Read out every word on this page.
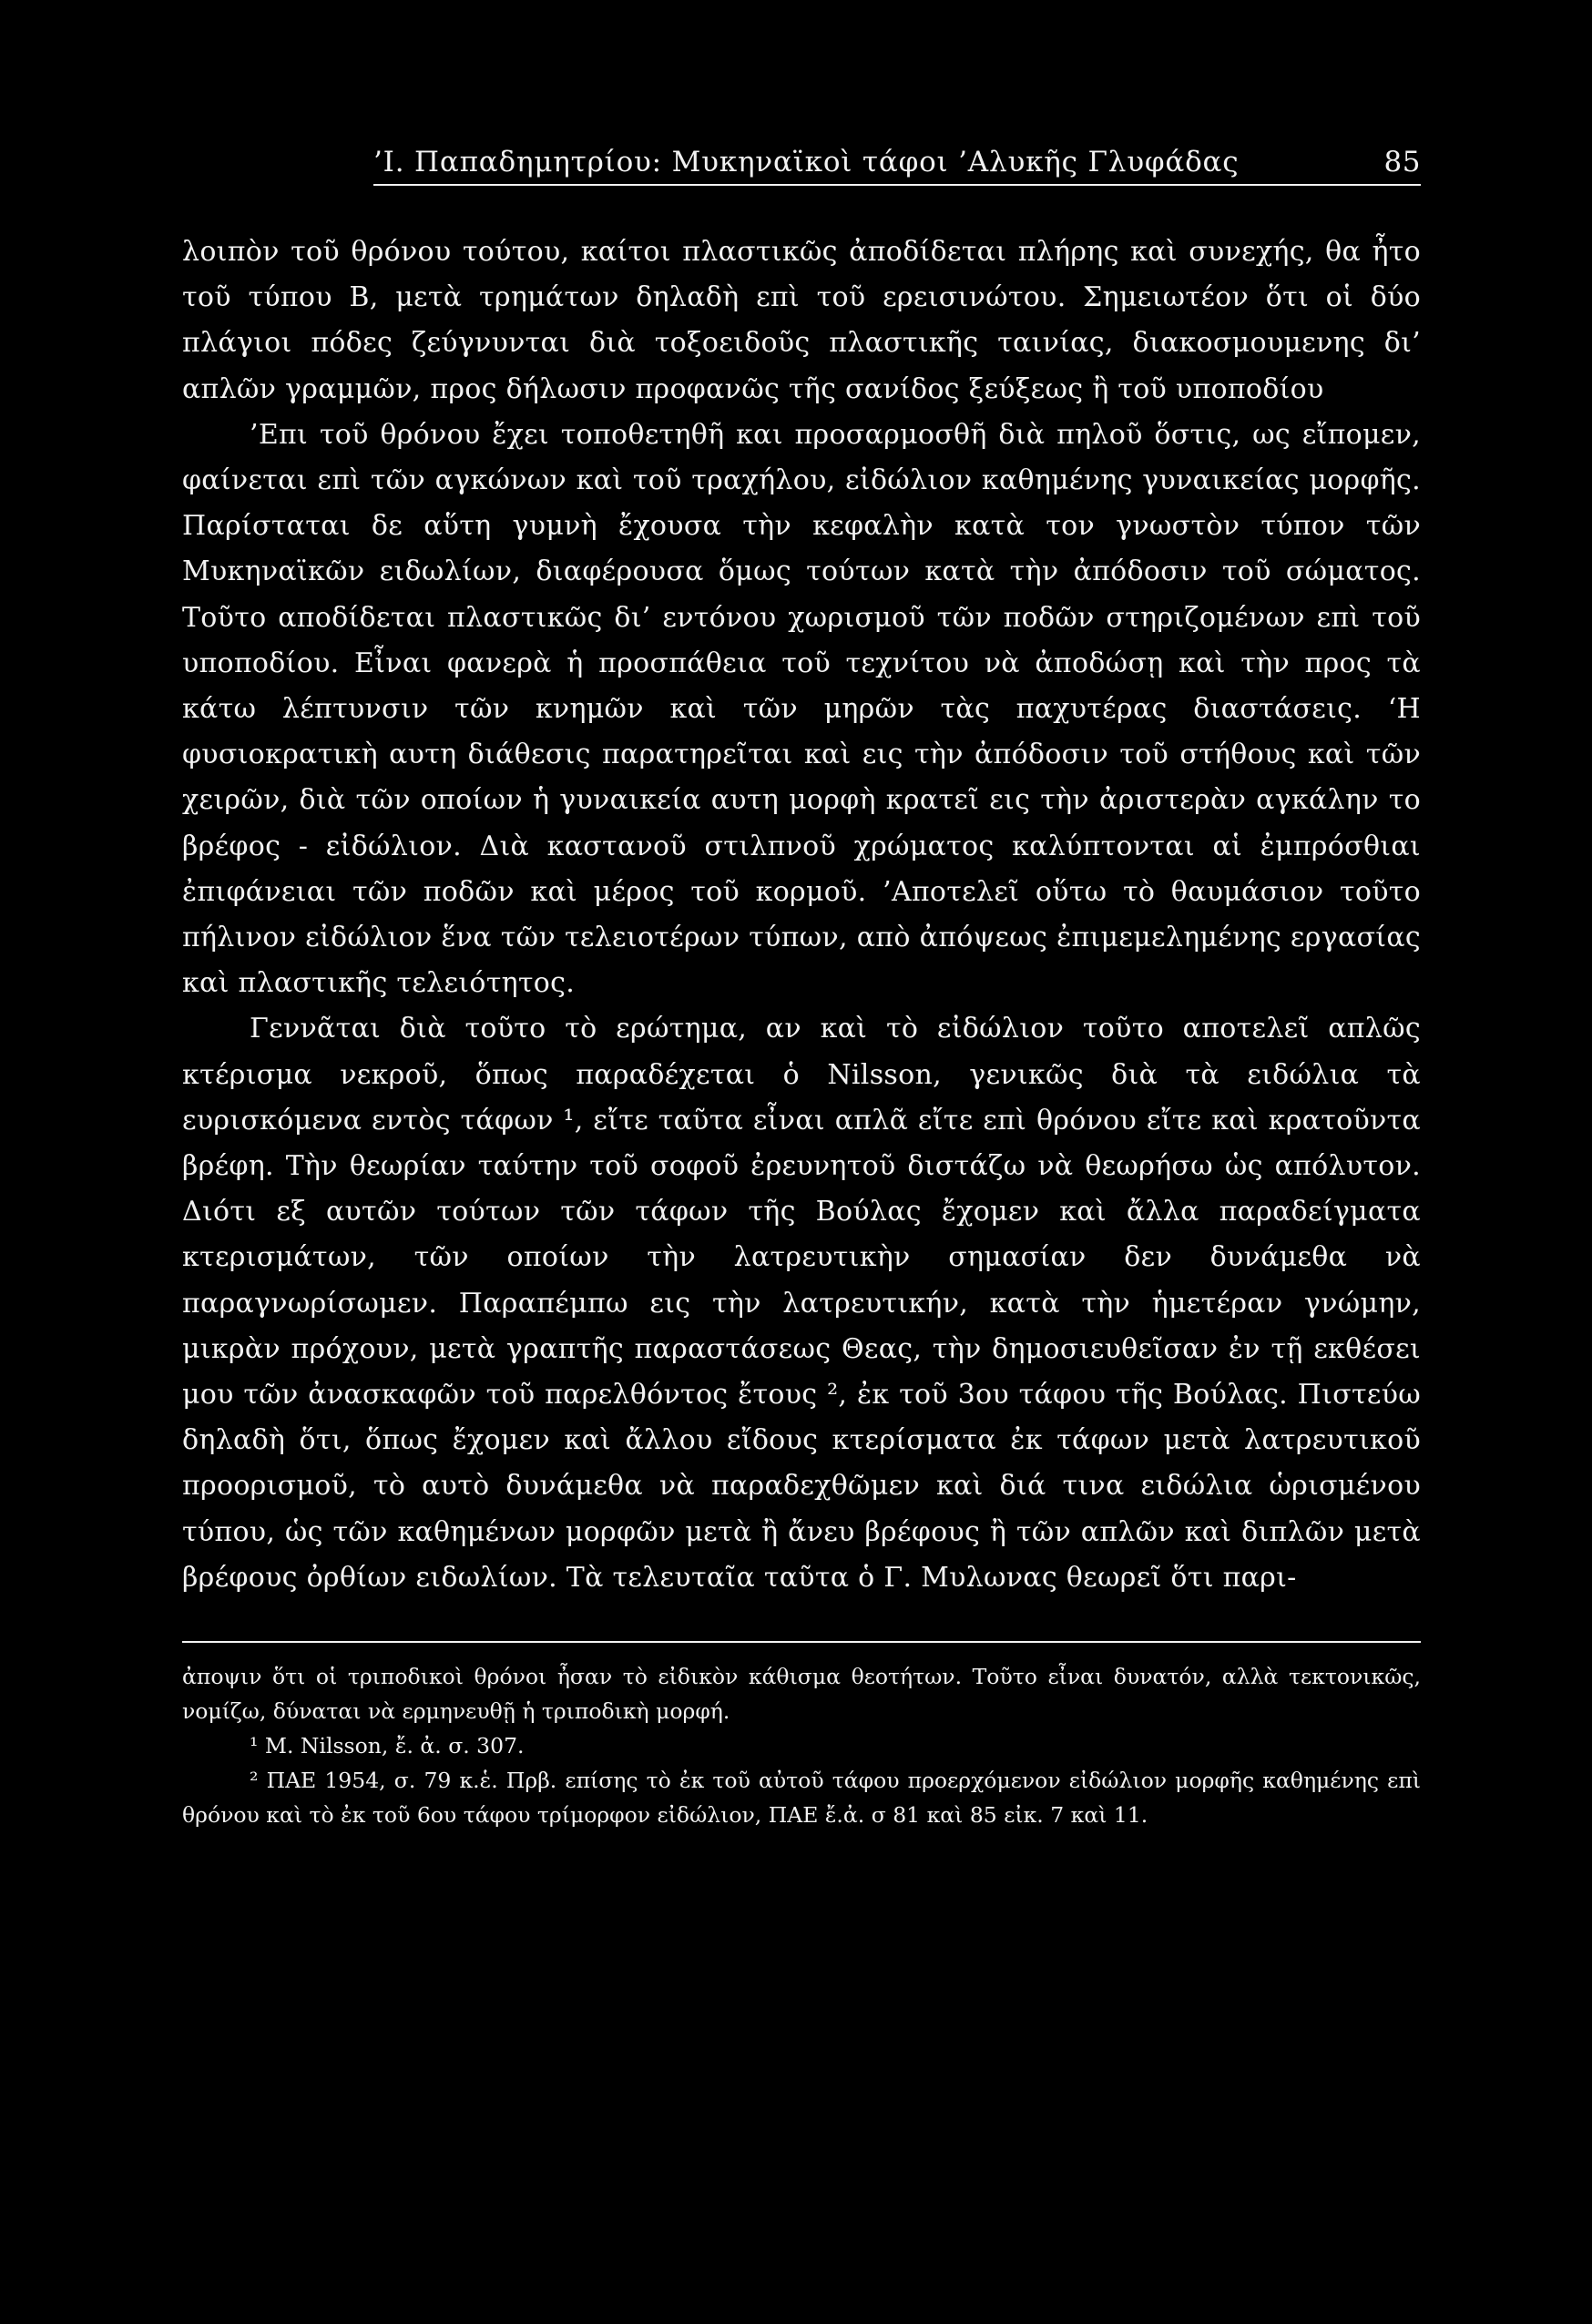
’Ι. Παπαδημητρίου: Μυκηναϊκοὶ τάφοι ’Αλυκῆς Γλυφάδας	85

λοιπὸν τοῦ θρόνου τούτου, καίτοι πλαστικῶς ἀποδίδεται πλήρης καὶ συνεχής, θα ἦτο τοῦ τύπου Β, μετὰ τρημάτων δηλαδὴ επὶ τοῦ ερεισινώτου. Σημειωτέον ὅτι οἱ δύο πλάγιοι πόδες ζεύγνυνται διὰ τοξοειδοῦς πλαστικῆς ταινίας, διακοσμουμενης δι’ απλῶν γραμμῶν, προς δήλωσιν προφανῶς τῆς σανίδος ξεύξεως ἢ τοῦ υποποδίου

’Επι τοῦ θρόνου ἔχει τοποθετηθῆ και προσαρμοσθῆ διὰ πηλοῦ ὅστις, ως εἴπομεν, φαίνεται επὶ τῶν αγκώνων καὶ τοῦ τραχήλου, εἰδώλιον καθημένης γυναικείας μορφῆς. Παρίσταται δε αὕτη γυμνὴ ἔχουσα τὴν κεφαλὴν κατὰ τον γνωστὸν τύπον τῶν Μυκηναϊκῶν ειδωλίων, διαφέρουσα ὅμως τούτων κατὰ τὴν ἀπόδοσιν τοῦ σώματος. Τοῦτο αποδίδεται πλαστικῶς δι’ εντόνου χωρισμοῦ τῶν ποδῶν στηριζομένων επὶ τοῦ υποποδίου. Εἶναι φανερὰ ἡ προσπάθεια τοῦ τεχνίτου νὰ ἀποδώσῃ καὶ τὴν προς τὰ κάτω λέπτυνσιν τῶν κνημῶν καὶ τῶν μηρῶν τὰς παχυτέρας διαστάσεις. ‘Η φυσιοκρατικὴ αυτη διάθεσις παρατηρεῖται καὶ εις τὴν ἀπόδοσιν τοῦ στήθους καὶ τῶν χειρῶν, διὰ τῶν οποίων ἡ γυναικεία αυτη μορφὴ κρατεῖ εις τὴν ἀριστερὰν αγκάλην το βρέφος - εἰδώλιον. Διὰ καστανοῦ στιλπνοῦ χρώματος καλύπτονται αἱ ἐμπρόσθιαι ἐπιφάνειαι τῶν ποδῶν καὶ μέρος τοῦ κορμοῦ. ’Αποτελεῖ οὕτω τὸ θαυμάσιον τοῦτο πήλινον εἰδώλιον ἕνα τῶν τελειοτέρων τύπων, απὸ ἀπόψεως ἐπιμεμελημένης εργασίας καὶ πλαστικῆς τελειότητος.

Γεννᾶται διὰ τοῦτο τὸ ερώτημα, αν καὶ τὸ εἰδώλιον τοῦτο αποτελεῖ απλῶς κτέρισμα νεκροῦ, ὅπως παραδέχεται ὁ Nilsson, γενικῶς διὰ τὰ ειδώλια τὰ ευρισκόμενα εντὸς τάφων ¹, εἴτε ταῦτα εἶναι απλᾶ εἴτε επὶ θρόνου εἴτε καὶ κρατοῦντα βρέφη. Τὴν θεωρίαν ταύτην τοῦ σοφοῦ ἐρευνητοῦ διστάζω νὰ θεωρήσω ὡς απόλυτον. Διότι εξ αυτῶν τούτων τῶν τάφων τῆς Βούλας ἔχομεν καὶ ἄλλα παραδείγματα κτερισμάτων, τῶν οποίων τὴν λατρευτικὴν σημασίαν δεν δυνάμεθα νὰ παραγνωρίσωμεν. Παραπέμπω εις τὴν λατρευτικήν, κατὰ τὴν ἡμετέραν γνώμην, μικρὰν πρόχουν, μετὰ γραπτῆς παραστάσεως Θεας, τὴν δημοσιευθεῖσαν ἐν τῇ εκθέσει μου τῶν ἀνασκαφῶν τοῦ παρελθόντος ἔτους ², ἐκ τοῦ 3ου τάφου τῆς Βούλας. Πιστεύω δηλαδὴ ὅτι, ὅπως ἔχομεν καὶ ἄλλου εἴδους κτερίσματα ἐκ τάφων μετὰ λατρευτικοῦ προορισμοῦ, τὸ αυτὸ δυνάμεθα νὰ παραδεχθῶμεν καὶ διά τινα ειδώλια ὡρισμένου τύπου, ὡς τῶν καθημένων μορφῶν μετὰ ἢ ἄνευ βρέφους ἢ τῶν απλῶν καὶ διπλῶν μετὰ βρέφους ὀρθίων ειδωλίων. Τὰ τελευταῖα ταῦτα ὁ Γ. Μυλωνας θεωρεῖ ὅτι παρι-

ἀποψιν ὅτι οἱ τριποδικοὶ θρόνοι ἦσαν τὸ εἰδικὸν κάθισμα θεοτήτων. Τοῦτο εἶναι δυνατόν, αλλὰ τεκτονικῶς, νομίζω, δύναται νὰ ερμηνευθῇ ἡ τριποδικὴ μορφή.

¹ Μ. Nilsson, ἔ. ἀ. σ. 307.

² ΠΑΕ 1954, σ. 79 κ.ἑ. Πρβ. επίσης τὸ ἐκ τοῦ αὐτοῦ τάφου προερχόμενον εἰδώλιον μορφῆς καθημένης επὶ θρόνου καὶ τὸ ἐκ τοῦ 6ου τάφου τρίμορφον εἰδώλιον, ΠΑΕ ἔ.ἀ. σ 81 καὶ 85 εἰκ. 7 καὶ 11.
